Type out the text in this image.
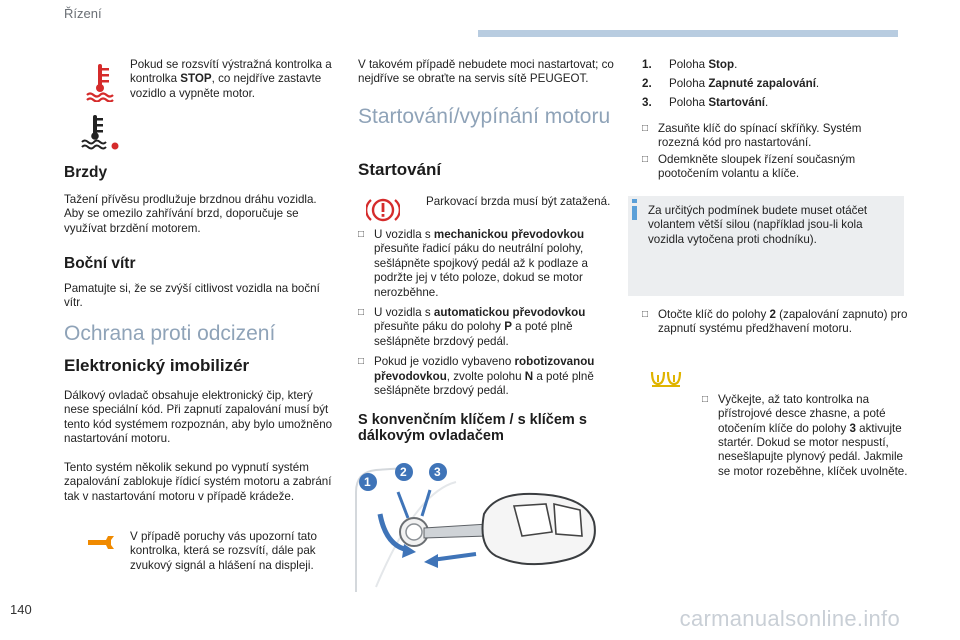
Řízení

Pokud se rozsvítí výstražná kontrolka a kontrolka STOP, co nejdříve zastavte vozidlo a vypněte motor.

Brzdy

Tažení přívěsu prodlužuje brzdnou dráhu vozidla. Aby se omezilo zahřívání brzd, doporučuje se využívat brzdění motorem.

Boční vítr

Pamatujte si, že se zvýší citlivost vozidla na boční vítr.

Ochrana proti odcizení
Elektronický imobilizér

Dálkový ovladač obsahuje elektronický čip, který nese speciální kód. Při zapnutí zapalování musí být tento kód systémem rozpoznán, aby bylo umožněno nastartování motoru.

Tento systém několik sekund po vypnutí systém zapalování zablokuje řídicí systém motoru a zabrání tak v nastartování motoru v případě krádeže.

V případě poruchy vás upozorní tato kontrolka, která se rozsvítí, dále pak zvukový signál a hlášení na displeji.

V takovém případě nebudete moci nastartovat; co nejdříve se obraťte na servis sítě PEUGEOT.

Startování/vypínání motoru
Startování

Parkovací brzda musí být zatažená.

□ U vozidla s mechanickou převodovkou přesuňte řadicí páku do neutrální polohy, sešlápněte spojkový pedál až k podlaze a podržte jej v této poloze, dokud se motor nerozběhne.

□ U vozidla s automatickou převodovkou přesuňte páku do polohy P a poté plně sešlápněte brzdový pedál.

□ Pokud je vozidlo vybaveno robotizovanou převodovkou, zvolte polohu N a poté plně sešlápněte brzdový pedál.

S konvenčním klíčem / s klíčem s dálkovým ovladačem
1
2 3
1. Poloha Stop.
2. Poloha Zapnuté zapalování.
3. Poloha Startování.

□ Zasuňte klíč do spínací skříňky. Systém rozezná kód pro nastartování.

□ Odemkněte sloupek řízení současným pootočením volantu a klíče.

Za určitých podmínek budete muset otáčet volantem větší silou (například jsou-li kola vozidla vytočena proti chodníku).

□ Otočte klíč do polohy 2 (zapalování zapnuto) pro zapnutí systému předžhavení motoru.

□ Vyčkejte, až tato kontrolka na přístrojové desce zhasne, a poté otočením klíče do polohy 3 aktivujte startér. Dokud se motor nespustí, nesešlapujte plynový pedál. Jakmile se motor rozeběhne, klíček uvolněte.

140	carmanualsonline.info
